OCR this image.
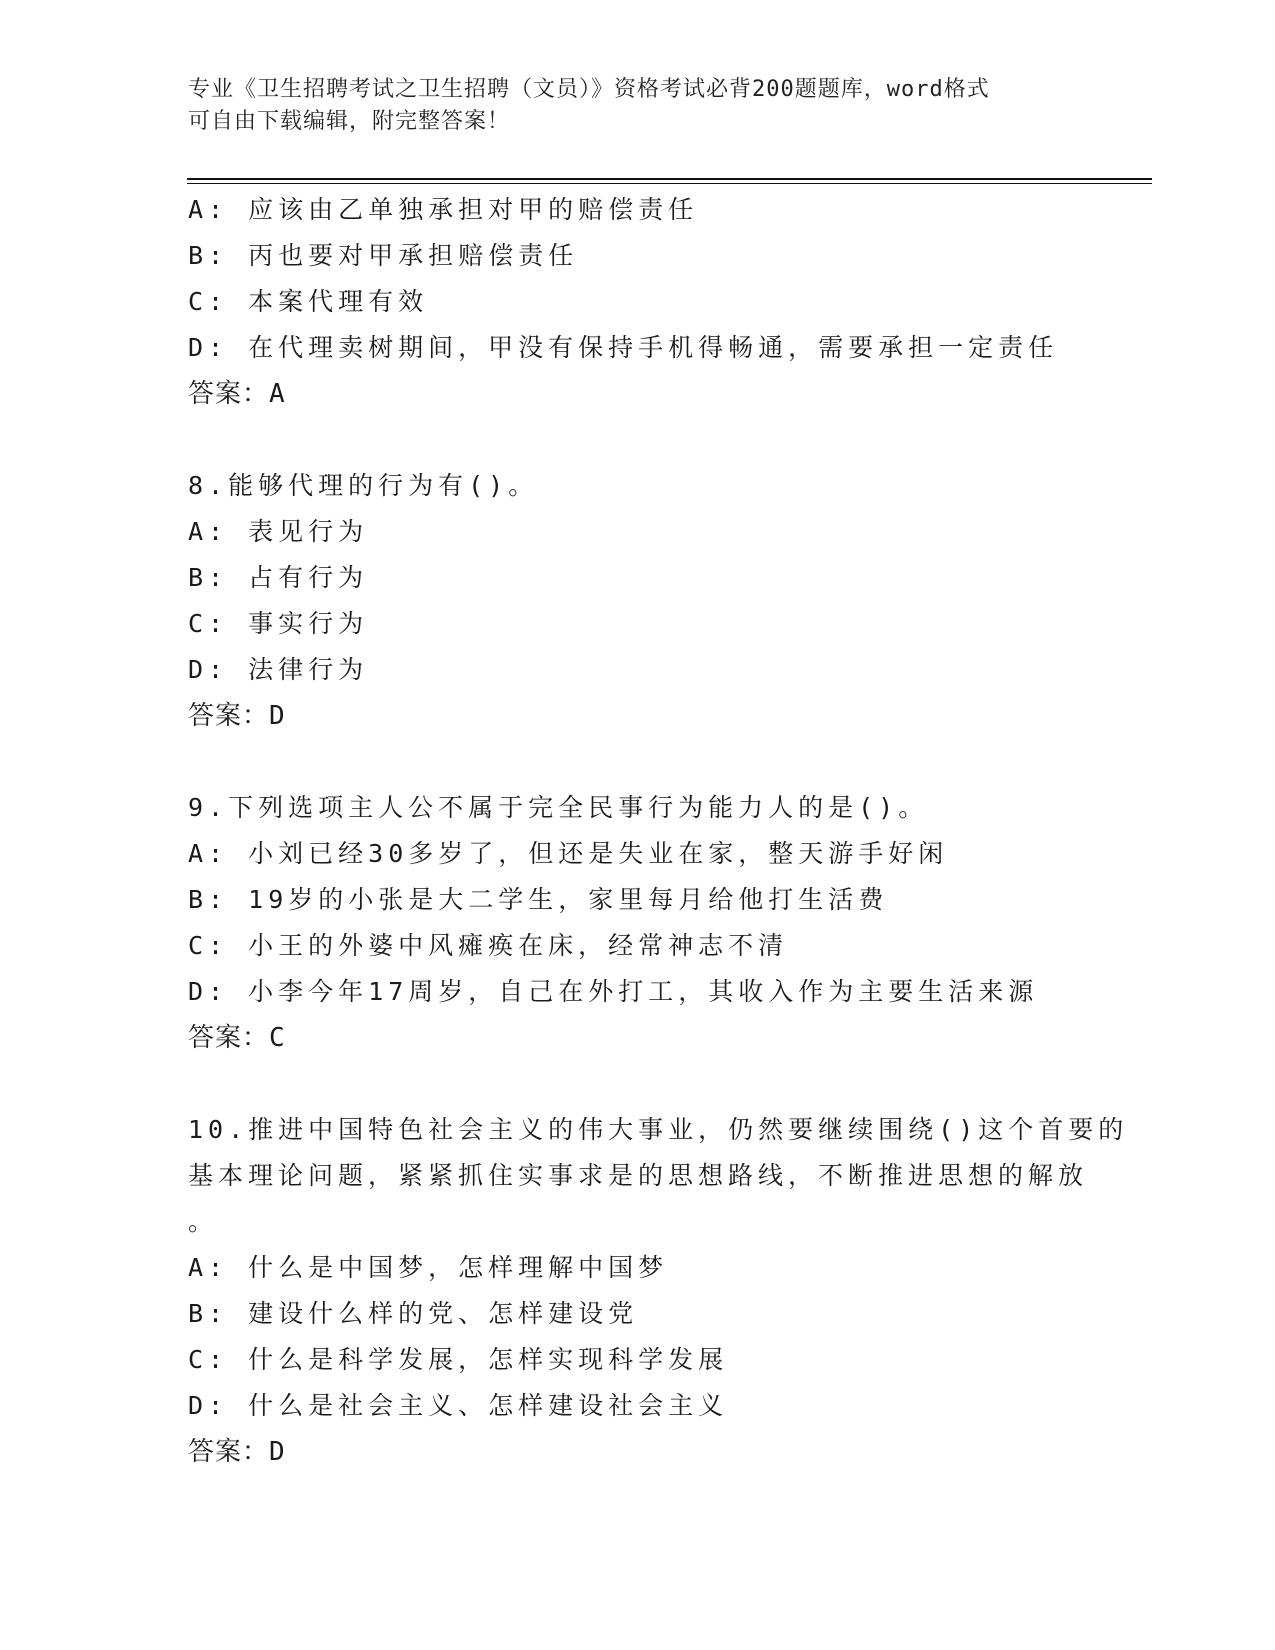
专业《卫生招聘考试之卫生招聘（文员）》资格考试必背200题题库，word格式
可自由下载编辑，附完整答案！
A: 应该由乙单独承担对甲的赔偿责任
B: 丙也要对甲承担赔偿责任
C: 本案代理有效
D: 在代理卖树期间，甲没有保持手机得畅通，需要承担一定责任
答案：A
8.能够代理的行为有()。
A: 表见行为
B: 占有行为
C: 事实行为
D: 法律行为
答案：D
9.下列选项主人公不属于完全民事行为能力人的是()。
A: 小刘已经30多岁了，但还是失业在家，整天游手好闲
B: 19岁的小张是大二学生，家里每月给他打生活费
C: 小王的外婆中风瘫痪在床，经常神志不清
D: 小李今年17周岁，自己在外打工，其收入作为主要生活来源
答案：C
10.推进中国特色社会主义的伟大事业，仍然要继续围绕()这个首要的
基本理论问题，紧紧抓住实事求是的思想路线，不断推进思想的解放
。
A: 什么是中国梦，怎样理解中国梦
B: 建设什么样的党、怎样建设党
C: 什么是科学发展，怎样实现科学发展
D: 什么是社会主义、怎样建设社会主义
答案：D
